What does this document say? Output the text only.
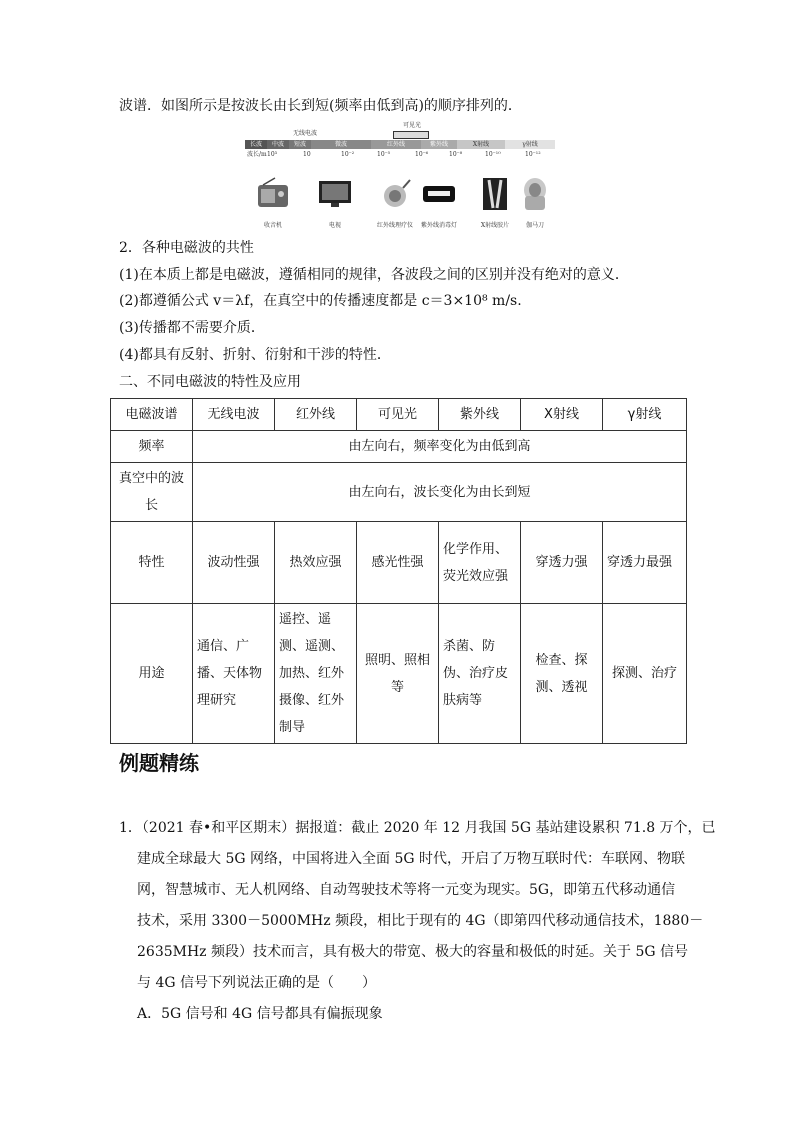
波谱．如图所示是按波长由长到短(频率由低到高)的顺序排列的．
无线电波
可见光
长波	中波	短波	微波	红外线	紫外线	X射线	γ射线
波长/m 10³	10	10⁻²	10⁻⁵	10⁻⁶	10⁻⁸	10⁻¹⁰	10⁻¹²
收音机	电视	红外线理疗仪	紫外线消毒灯	X射线胶片	伽马刀
2．各种电磁波的共性
(1)在本质上都是电磁波，遵循相同的规律，各波段之间的区别并没有绝对的意义．
(2)都遵循公式 v＝λf，在真空中的传播速度都是 c＝3×10⁸ m/s.
(3)传播都不需要介质．
(4)都具有反射、折射、衍射和干涉的特性．
二、不同电磁波的特性及应用
电磁波谱	无线电波	红外线	可见光	紫外线	X射线	γ射线
频率	由左向右，频率变化为由低到高					
真空中的波长	由左向右，波长变化为由长到短					
特性	波动性强	热效应强	感光性强	化学作用、荧光效应强	穿透力强	穿透力最强
用途	通信、广播、天体物理研究	遥控、遥测、遥测、加热、红外摄像、红外制导	照明、照相等	杀菌、防伪、治疗皮肤病等	检查、探测、透视	探测、治疗
例题精练
1．（2021 春•和平区期末）据报道：截止 2020 年 12 月我国 5G 基站建设累积 71.8 万个，已
建成全球最大 5G 网络，中国将进入全面 5G 时代，开启了万物互联时代：车联网、物联
网，智慧城市、无人机网络、自动驾驶技术等将一元变为现实。5G，即第五代移动通信
技术，采用 3300－5000MHz 频段，相比于现有的 4G（即第四代移动通信技术，1880－
2635MHz 频段）技术而言，具有极大的带宽、极大的容量和极低的时延。关于 5G 信号
与 4G 信号下列说法正确的是（　　）
A．5G 信号和 4G 信号都具有偏振现象
